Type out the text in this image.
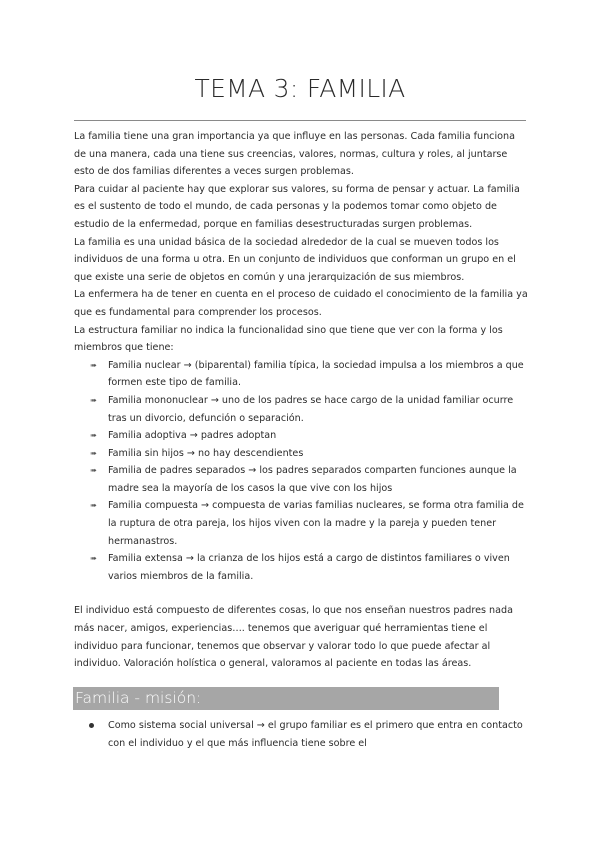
TEMA 3: FAMILIA

La familia tiene una gran importancia ya que influye en las personas. Cada familia funciona de una manera, cada una tiene sus creencias, valores, normas, cultura y roles, al juntarse esto de dos familias diferentes a veces surgen problemas.

Para cuidar al paciente hay que explorar sus valores, su forma de pensar y actuar. La familia es el sustento de todo el mundo, de cada personas y la podemos tomar como objeto de estudio de la enfermedad, porque en familias desestructuradas surgen problemas.

La familia es una unidad básica de la sociedad alrededor de la cual se mueven todos los individuos de una forma u otra. En un conjunto de individuos que conforman un grupo en el que existe una serie de objetos en común y una jerarquización de sus miembros.

La enfermera ha de tener en cuenta en el proceso de cuidado el conocimiento de la familia ya que es fundamental para comprender los procesos.

La estructura familiar no indica la funcionalidad sino que tiene que ver con la forma y los miembros que tiene:

➠	Familia nuclear → (biparental) familia típica, la sociedad impulsa a los miembros a que formen este tipo de familia.
➠	Familia mononuclear → uno de los padres se hace cargo de la unidad familiar ocurre tras un divorcio, defunción o separación.
➠	Familia adoptiva → padres adoptan
➠	Familia sin hijos → no hay descendientes
➠	Familia de padres separados → los padres separados comparten funciones aunque la madre sea la mayoría de los casos la que vive con los hijos
➠	Familia compuesta → compuesta de varias familias nucleares, se forma otra familia de la ruptura de otra pareja, los hijos viven con la madre y la pareja y pueden tener hermanastros.
➠	Familia extensa → la crianza de los hijos está a cargo de distintos familiares o viven varios miembros de la familia.

El individuo está compuesto de diferentes cosas, lo que nos enseñan nuestros padres nada más nacer, amigos, experiencias…. tenemos que averiguar qué herramientas tiene el individuo para funcionar, tenemos que observar y valorar todo lo que puede afectar al individuo. Valoración holística o general, valoramos al paciente en todas las áreas.

Familia - misión:
Como sistema social universal → el grupo familiar es el primero que entra en contacto con el individuo y el que más influencia tiene sobre el
